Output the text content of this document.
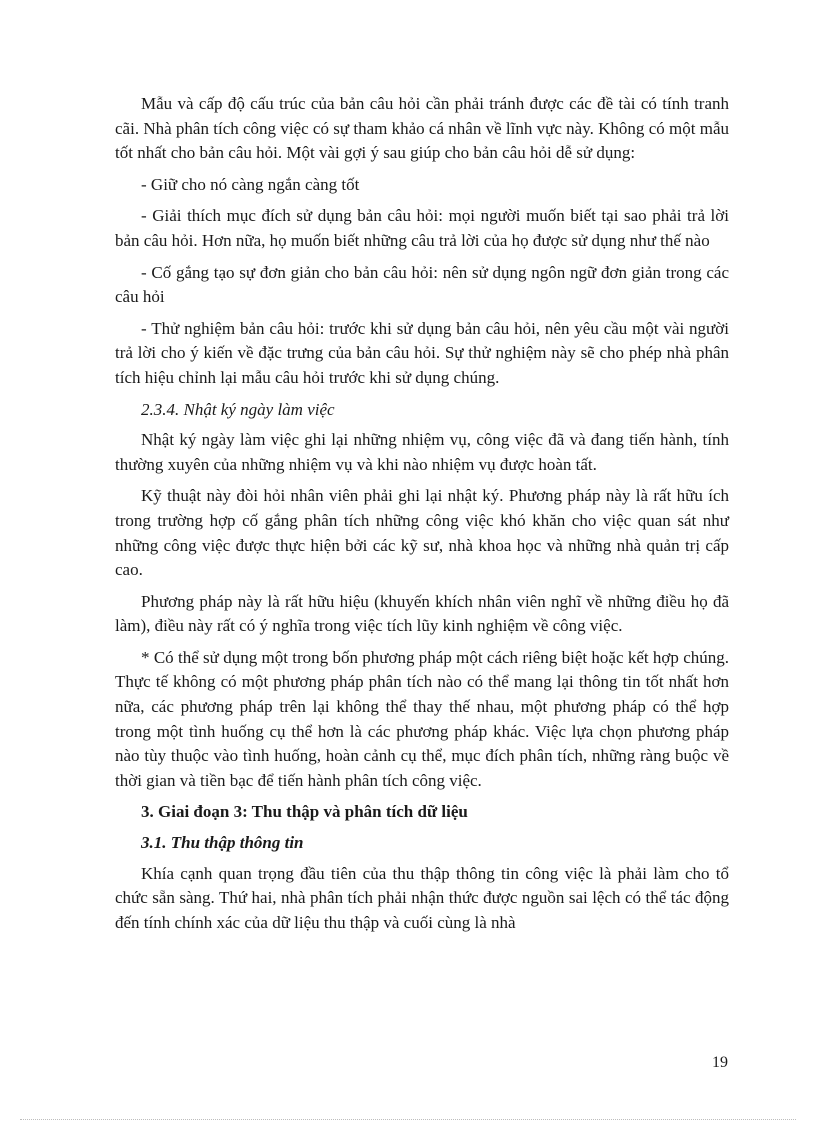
Mẫu và cấp độ cấu trúc của bản câu hỏi cần phải tránh được các đề tài có tính tranh cãi. Nhà phân tích công việc có sự tham khảo cá nhân về lĩnh vực này. Không có một mẫu tốt nhất cho bản câu hỏi. Một vài gợi ý sau giúp cho bản câu hỏi dễ sử dụng:

- Giữ cho nó càng ngắn càng tốt

- Giải thích mục đích sử dụng bản câu hỏi: mọi người muốn biết tại sao phải trả lời bản câu hỏi. Hơn nữa, họ muốn biết những câu trả lời của họ được sử dụng như thế nào

- Cố gắng tạo sự đơn giản cho bản câu hỏi: nên sử dụng ngôn ngữ đơn giản trong các câu hỏi

- Thử nghiệm bản câu hỏi: trước khi sử dụng bản câu hỏi, nên yêu cầu một vài người trả lời cho ý kiến về đặc trưng của bản câu hỏi. Sự thử nghiệm này sẽ cho phép nhà phân tích hiệu chỉnh lại mẫu câu hỏi trước khi sử dụng chúng.

2.3.4. Nhật ký ngày làm việc

Nhật ký ngày làm việc ghi lại những nhiệm vụ, công việc đã và đang tiến hành, tính thường xuyên của những nhiệm vụ và khi nào nhiệm vụ được hoàn tất.

Kỹ thuật này đòi hỏi nhân viên phải ghi lại nhật ký. Phương pháp này là rất hữu ích trong trường hợp cố gắng phân tích những công việc khó khăn cho việc quan sát như những công việc được thực hiện bởi các kỹ sư, nhà khoa học và những nhà quản trị cấp cao.

Phương pháp này là rất hữu hiệu (khuyến khích nhân viên nghĩ về những điều họ đã làm), điều này rất có ý nghĩa trong việc tích lũy kinh nghiệm về công việc.

* Có thể sử dụng một trong bốn phương pháp một cách riêng biệt hoặc kết hợp chúng. Thực tế không có một phương pháp phân tích nào có thể mang lại thông tin tốt nhất hơn nữa, các phương pháp trên lại không thể thay thế nhau, một phương pháp có thể hợp trong một tình huống cụ thể hơn là các phương pháp khác. Việc lựa chọn phương pháp nào tùy thuộc vào tình huống, hoàn cảnh cụ thể, mục đích phân tích, những ràng buộc về thời gian và tiền bạc để tiến hành phân tích công việc.

3. Giai đoạn 3: Thu thập và phân tích dữ liệu

3.1. Thu thập thông tin

Khía cạnh quan trọng đầu tiên của thu thập thông tin công việc là phải làm cho tổ chức sẵn sàng. Thứ hai, nhà phân tích phải nhận thức được nguồn sai lệch có thể tác động đến tính chính xác của dữ liệu thu thập và cuối cùng là nhà

19
